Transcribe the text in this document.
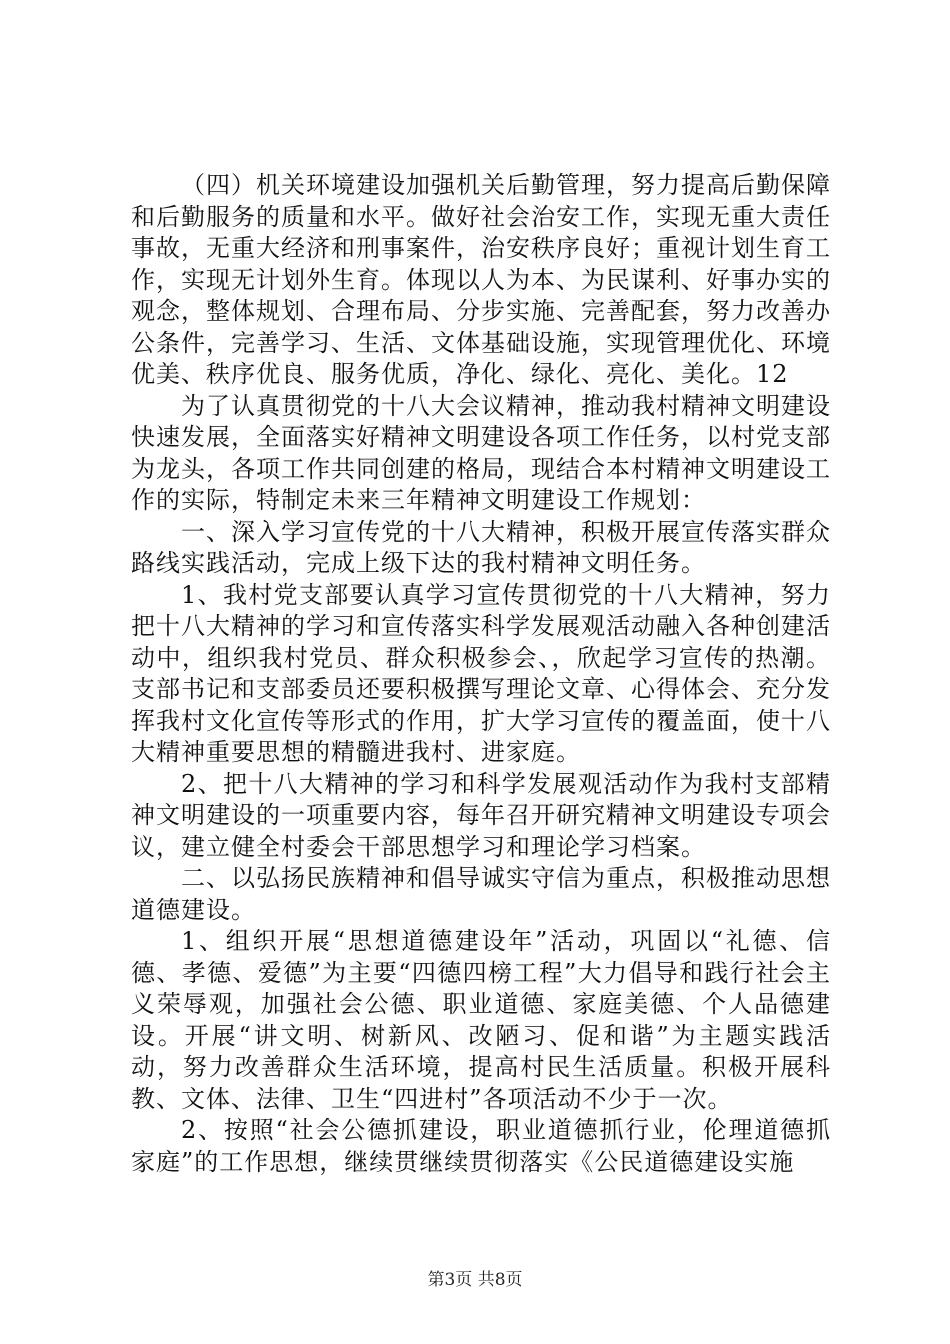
（四）机关环境建设加强机关后勤管理，努力提高后勤保障和后勤服务的质量和水平。做好社会治安工作，实现无重大责任事故，无重大经济和刑事案件，治安秩序良好；重视计划生育工作，实现无计划外生育。体现以人为本、为民谋利、好事办实的观念，整体规划、合理布局、分步实施、完善配套，努力改善办公条件，完善学习、生活、文体基础设施，实现管理优化、环境优美、秩序优良、服务优质，净化、绿化、亮化、美化。12

为了认真贯彻党的十八大会议精神，推动我村精神文明建设快速发展，全面落实好精神文明建设各项工作任务，以村党支部为龙头，各项工作共同创建的格局，现结合本村精神文明建设工作的实际，特制定未来三年精神文明建设工作规划：

一、深入学习宣传党的十八大精神，积极开展宣传落实群众路线实践活动，完成上级下达的我村精神文明任务。

1、我村党支部要认真学习宣传贯彻党的十八大精神，努力把十八大精神的学习和宣传落实科学发展观活动融入各种创建活动中，组织我村党员、群众积极参会、，欣起学习宣传的热潮。支部书记和支部委员还要积极撰写理论文章、心得体会、充分发挥我村文化宣传等形式的作用，扩大学习宣传的覆盖面，使十八大精神重要思想的精髓进我村、进家庭。

2、把十八大精神的学习和科学发展观活动作为我村支部精神文明建设的一项重要内容，每年召开研究精神文明建设专项会议，建立健全村委会干部思想学习和理论学习档案。

二、以弘扬民族精神和倡导诚实守信为重点，积极推动思想道德建设。

1、组织开展“思想道德建设年”活动，巩固以“礼德、信德、孝德、爱德”为主要“四德四榜工程”大力倡导和践行社会主义荣辱观，加强社会公德、职业道德、家庭美德、个人品德建设。开展“讲文明、树新风、改陋习、促和谐”为主题实践活动，努力改善群众生活环境，提高村民生活质量。积极开展科教、文体、法律、卫生“四进村”各项活动不少于一次。

2、按照“社会公德抓建设，职业道德抓行业，伦理道德抓家庭”的工作思想，继续贯继续贯彻落实《公民道德建设实施

第3页 共8页
